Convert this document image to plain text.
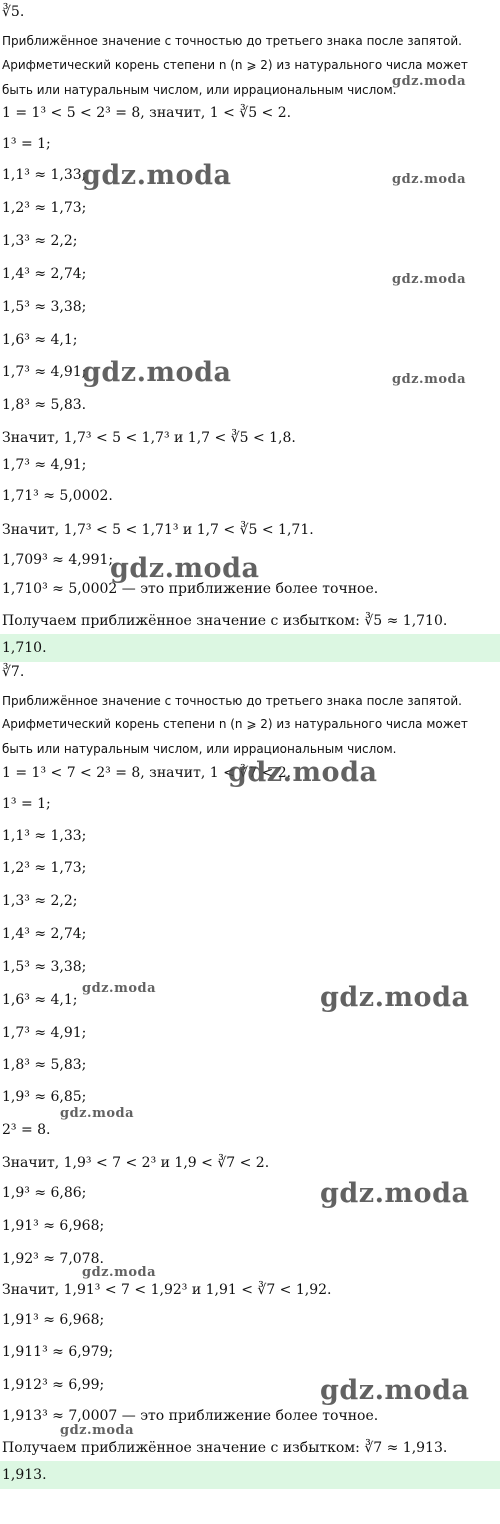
∛5.
Приближённое значение с точностью до третьего знака после запятой.
Арифметический корень степени n (n ⩾ 2) из натурального числа может
быть или натуральным числом, или иррациональным числом.
1 = 1³ < 5 < 2³ = 8, значит, 1 < ∛5 < 2.
1³ = 1;
1,1³ ≈ 1,33;
1,2³ ≈ 1,73;
1,3³ ≈ 2,2;
1,4³ ≈ 2,74;
1,5³ ≈ 3,38;
1,6³ ≈ 4,1;
1,7³ ≈ 4,91;
1,8³ ≈ 5,83.
Значит, 1,7³ < 5 < 1,7³ и 1,7 < ∛5 < 1,8.
1,7³ ≈ 4,91;
1,71³ ≈ 5,0002.
Значит, 1,7³ < 5 < 1,71³ и 1,7 < ∛5 < 1,71.
1,709³ ≈ 4,991;
1,710³ ≈ 5,0002 — это приближение более точное.
Получаем приближённое значение с избытком: ∛5 ≈ 1,710.
1,710.
∛7.
Приближённое значение с точностью до третьего знака после запятой.
Арифметический корень степени n (n ⩾ 2) из натурального числа может
быть или натуральным числом, или иррациональным числом.
1 = 1³ < 7 < 2³ = 8, значит, 1 < ∛7 < 2.
1³ = 1;
1,1³ ≈ 1,33;
1,2³ ≈ 1,73;
1,3³ ≈ 2,2;
1,4³ ≈ 2,74;
1,5³ ≈ 3,38;
1,6³ ≈ 4,1;
1,7³ ≈ 4,91;
1,8³ ≈ 5,83;
1,9³ ≈ 6,85;
2³ = 8.
Значит, 1,9³ < 7 < 2³ и 1,9 < ∛7 < 2.
1,9³ ≈ 6,86;
1,91³ ≈ 6,968;
1,92³ ≈ 7,078.
Значит, 1,91³ < 7 < 1,92³ и 1,91 < ∛7 < 1,92.
1,91³ ≈ 6,968;
1,911³ ≈ 6,979;
1,912³ ≈ 6,99;
1,913³ ≈ 7,0007 — это приближение более точное.
Получаем приближённое значение с избытком: ∛7 ≈ 1,913.
1,913.
gdz.moda
gdz.moda	gdz.moda
gdz.moda
gdz.moda	gdz.moda
gdz.moda
gdz.moda
gdz.moda	gdz.moda
gdz.moda
gdz.moda
gdz.moda
gdz.moda
gdz.moda
